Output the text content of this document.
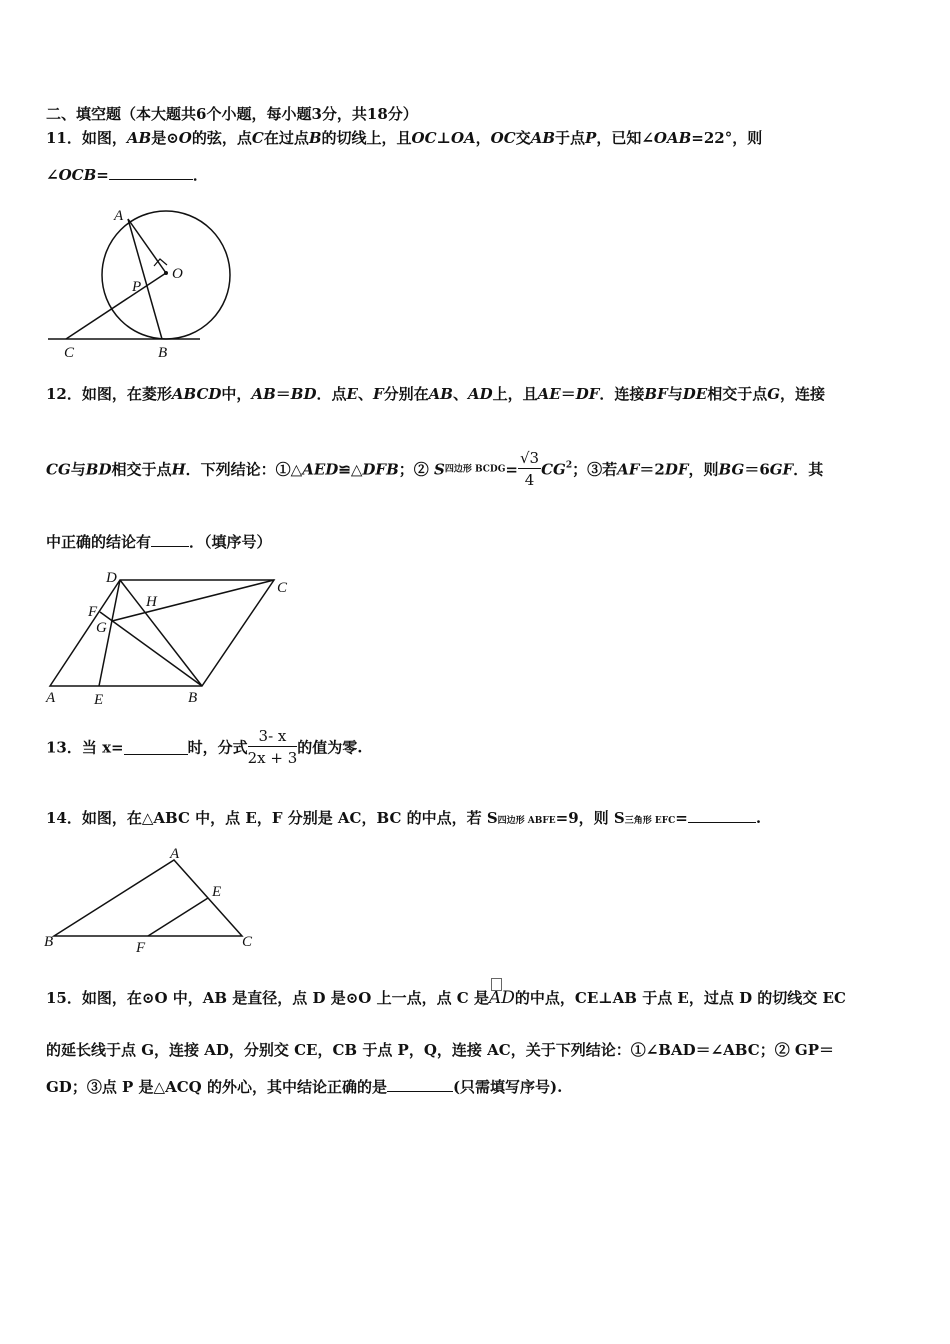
二、填空题（本大题共6个小题，每小题3分，共18分）
11．如图，AB是⊙O的弦，点C在过点B的切线上，且OC⊥OA，OC交AB于点P，已知∠OAB=22°，则
∠OCB=	．
A
O
P
C	B
12．如图，在菱形ABCD中，AB＝BD．点E、F分别在AB、AD上，且AE＝DF．连接BF与DE相交于点G，连接
CG与BD相交于点H．下列结论：①△AED≌△DFB；② S四边形 BCDG= $\frac{√3}{4} CG^2$；③若AF＝2DF，则BG＝6GF．其
中正确的结论有	．（填序号）
D
C
F
H
G
A	E	B
13．当 x=	时，分式 $\frac{3- x}{2x + 3}$ 的值为零.
14．如图，在△ABC 中，点 E，F 分别是 AC，BC 的中点，若 S四边形 ABFE=9，则 S三角形 EFC=	.
A
E
B	F	C
15．如图，在⊙O 中，AB 是直径，点 D 是⊙O 上一点，点 C 是
AD的中点，CE⊥AB 于点 E，过点 D 的切线交 EC
的延长线于点 G，连接 AD，分别交 CE，CB 于点 P，Q，连接 AC，关于下列结论：①∠BAD＝∠ABC；② GP＝
GD；③点 P 是△ACQ 的外心，其中结论正确的是	(只需填写序号).
